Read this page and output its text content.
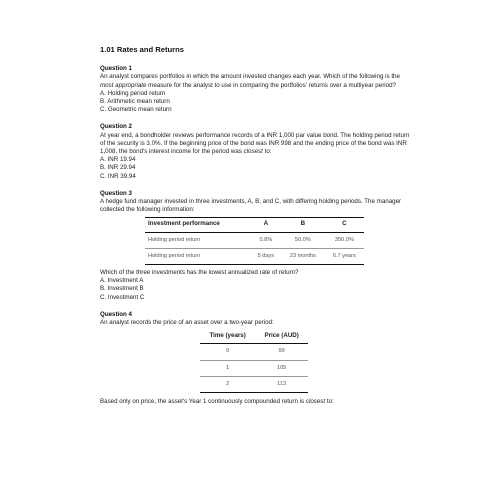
1.01 Rates and Returns
Question 1

An analyst compares portfolios in which the amount invested changes each year. Which of the following is the most appropriate measure for the analyst to use in comparing the portfolios' returns over a multiyear period?

A. Holding period return
B. Arithmetic mean return
C. Geometric mean return
Question 2

At year end, a bondholder reviews performance records of a INR 1,000 par value bond. The holding period return of the security is 3.0%. If the beginning price of the bond was INR 998 and the ending price of the bond was INR 1,008, the bond's interest income for the period was closest to:

A. INR 19.94
B. INR 29.94
C. INR 39.94
Question 3

A hedge fund manager invested in three investments, A, B, and C, with differing holding periods. The manager collected the following information:

Investment performance	A	B	C
Holding period return	0.8%	50.0%	350.0%
Holding period return	5 days	23 months	6.7 years

Which of the three investments has the lowest annualized rate of return?

A. Investment A
B. Investment B
C. Investment C
Question 4

An analyst records the price of an asset over a two-year period:

Time (years)	Price (AUD)
0	99
1	105
2	113

Based only on price, the asset's Year 1 continuously compounded return is closest to:
